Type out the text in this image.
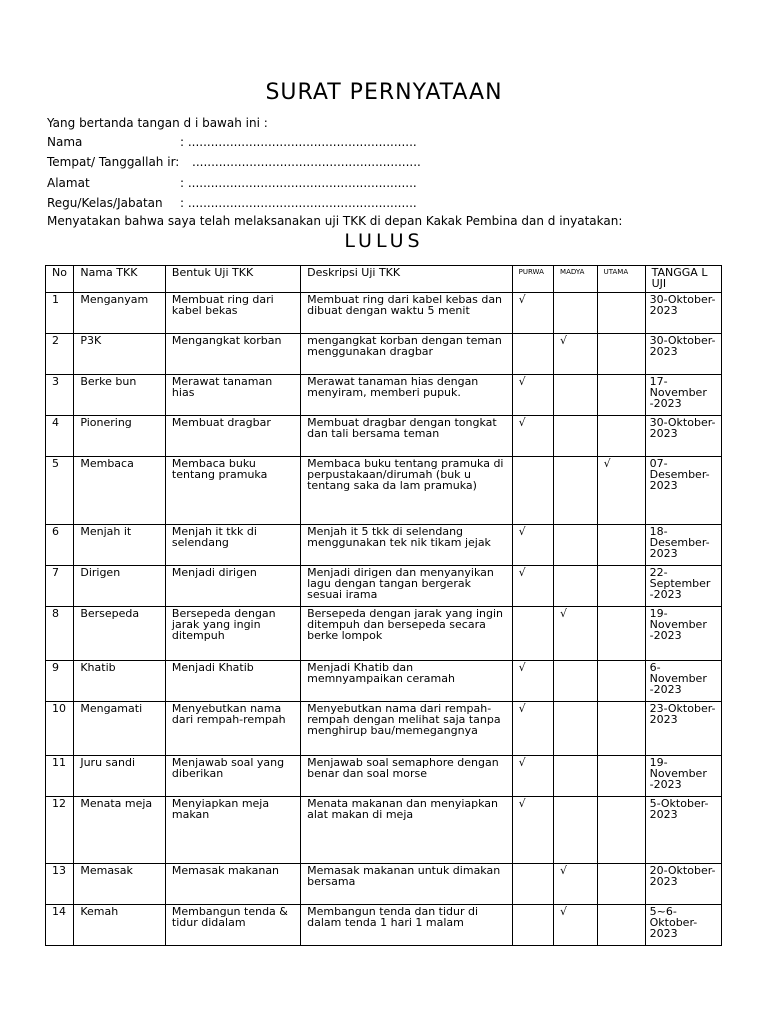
SURAT PERNYATAAN
Yang bertanda tangan d i bawah ini :
Nama	: ............................................................
Tempat/ Tanggallah ir: ............................................................
Alamat	: ............................................................
Regu/Kelas/Jabatan : ............................................................
Menyatakan bahwa saya telah melaksanakan uji TKK di depan Kakak Pembina dan d inyatakan:
LULUS
No	Nama TKK	Bentuk Uji TKK	Deskripsi Uji TKK	PURWA	MADYA	UTAMA	TANGGA L UJI
1	Menganyam	Membuat ring dari kabel bekas	Membuat ring dari kabel kebas dan dibuat dengan waktu 5 menit	√			30-Oktober-2023
2	P3K	Mengangkat korban	mengangkat korban dengan teman menggunakan dragbar		√		30-Oktober-2023
3	Berke bun	Merawat tanaman hias	Merawat tanaman hias dengan menyiram, memberi pupuk.	√			17-November -2023
4	Pionering	Membuat dragbar	Membuat dragbar dengan tongkat dan tali bersama teman	√			30-Oktober-2023
5	Membaca	Membaca buku tentang pramuka	Membaca buku tentang pramuka di perpustakaan/dirumah (buk u tentang saka da lam pramuka)			√	07-Desember-2023
6	Menjah it	Menjah it tkk di selendang	Menjah it 5 tkk di selendang menggunakan tek nik tikam jejak	√			18-Desember-2023
7	Dirigen	Menjadi dirigen	Menjadi dirigen dan menyanyikan lagu dengan tangan bergerak sesuai irama	√			22-September -2023
8	Bersepeda	Bersepeda dengan jarak yang ingin ditempuh	Bersepeda dengan jarak yang ingin ditempuh dan bersepeda secara berke lompok		√		19-November -2023
9	Khatib	Menjadi Khatib	Menjadi Khatib dan memnyampaikan ceramah	√			6-November -2023
10	Mengamati	Menyebutkan nama dari rempah-rempah	Menyebutkan nama dari rempah-rempah dengan melihat saja tanpa menghirup bau/memegangnya	√			23-Oktober-2023
11	Juru sandi	Menjawab soal yang diberikan	Menjawab soal semaphore dengan benar dan soal morse	√			19-November -2023
12	Menata meja	Menyiapkan meja makan	Menata makanan dan menyiapkan alat makan di meja	√			5-Oktober-2023
13	Memasak	Memasak makanan	Memasak makanan untuk dimakan bersama		√		20-Oktober-2023
14	Kemah	Membangun tenda & tidur didalam	Membangun tenda dan tidur di dalam tenda 1 hari 1 malam		√		5~6-Oktober-2023
